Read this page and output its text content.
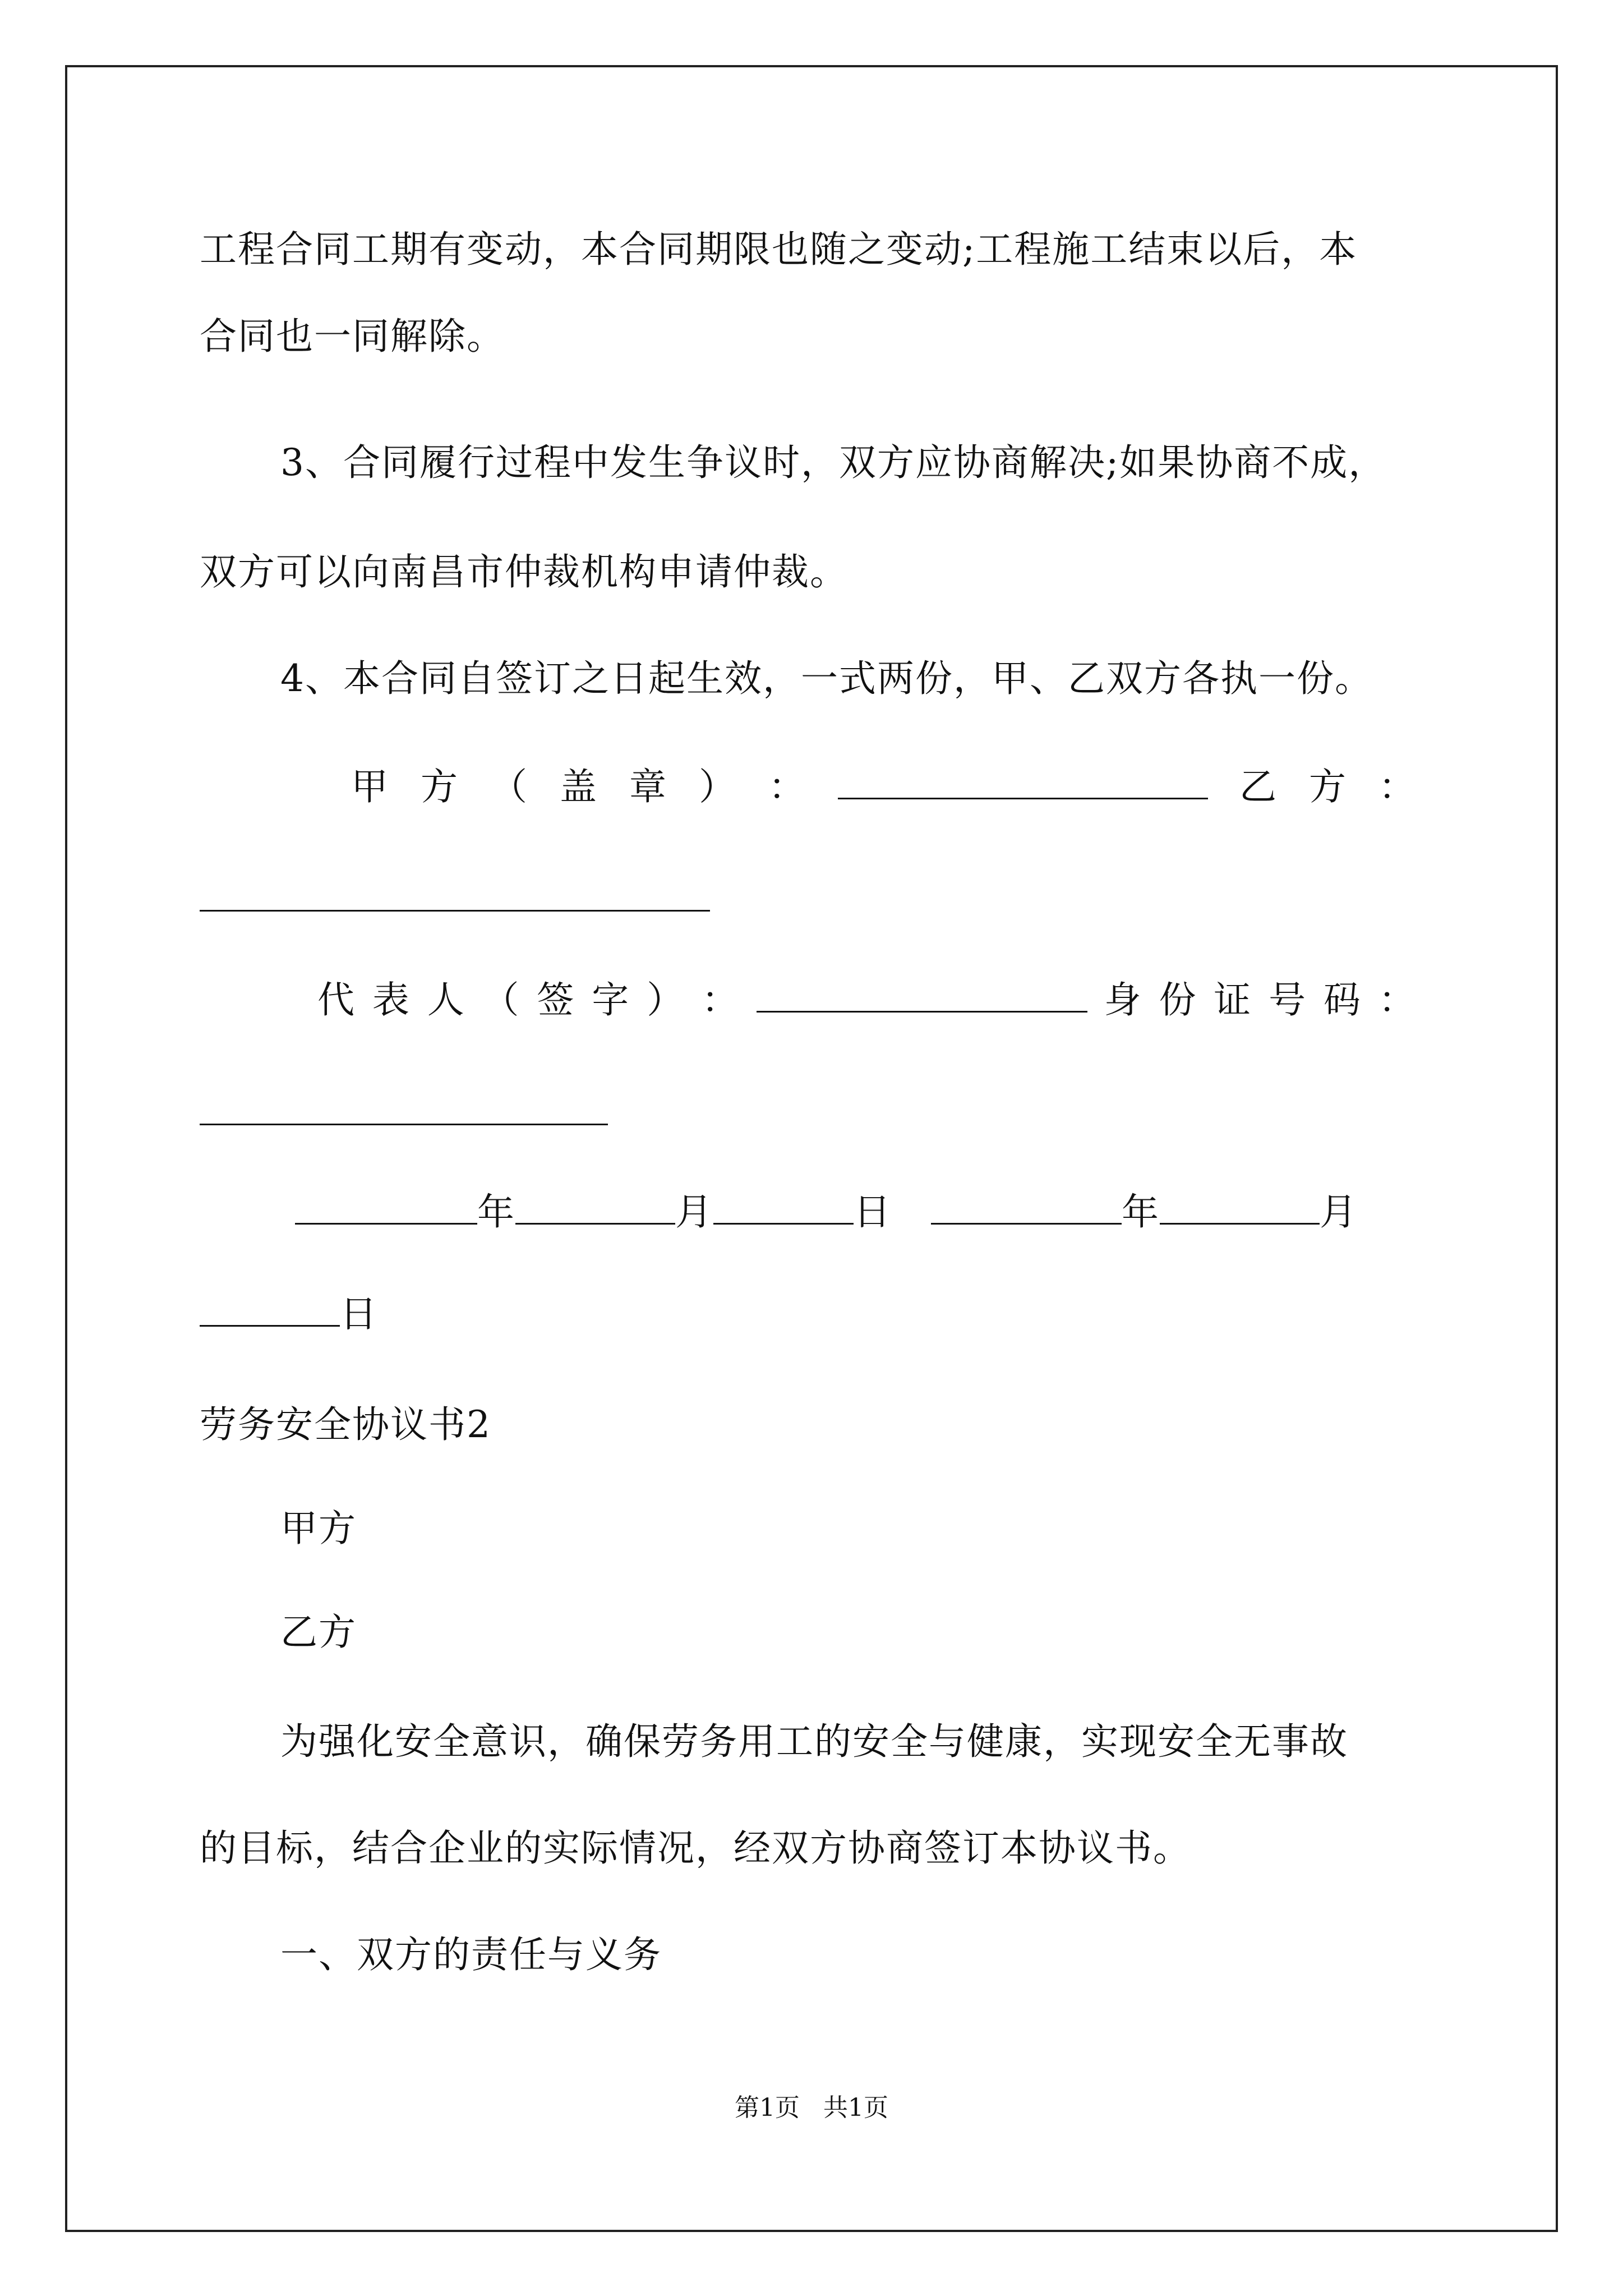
工程合同工期有变动，本合同期限也随之变动;工程施工结束以后，本
合同也一同解除。
3、合同履行过程中发生争议时，双方应协商解决;如果协商不成，
双方可以向南昌市仲裁机构申请仲裁。
4、本合同自签订之日起生效，一式两份，甲、乙双方各执一份。
甲 方 （ 盖 章 ） ：	乙 方 ：
代 表 人 （ 签 字 ） ：	身 份 证 号 码 ：
年	月	日	年	月
日
劳务安全协议书2
甲方
乙方
为强化安全意识，确保劳务用工的安全与健康，实现安全无事故
的目标，结合企业的实际情况，经双方协商签订本协议书。
一、双方的责任与义务
第1页   共1页
